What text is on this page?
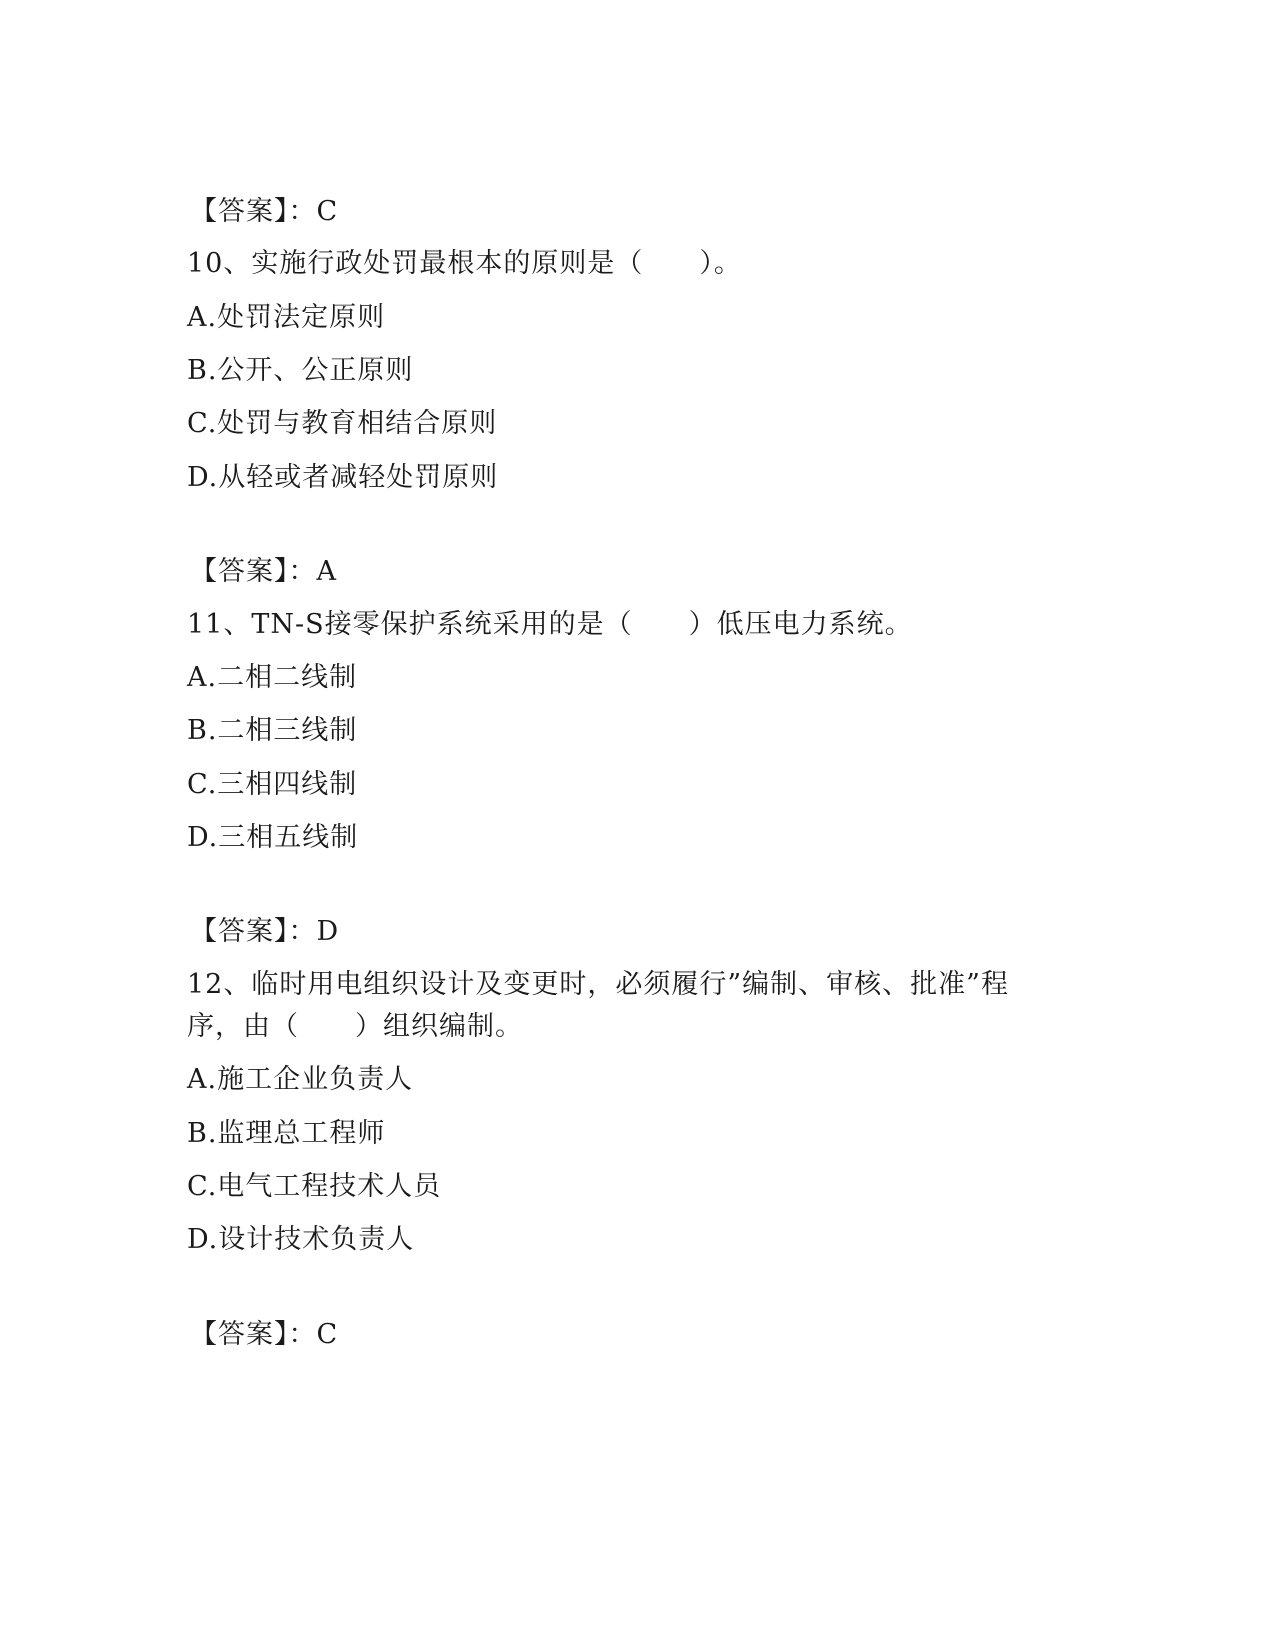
【答案】：C
10、实施行政处罚最根本的原则是（　　）。
A.处罚法定原则
B.公开、公正原则
C.处罚与教育相结合原则
D.从轻或者减轻处罚原则
【答案】：A
11、TN-S接零保护系统采用的是（　　）低压电力系统。
A.二相二线制
B.二相三线制
C.三相四线制
D.三相五线制
【答案】：D
12、临时用电组织设计及变更时，必须履行”编制、审核、批准”程
序，由（　　）组织编制。
A.施工企业负责人
B.监理总工程师
C.电气工程技术人员
D.设计技术负责人
【答案】：C
